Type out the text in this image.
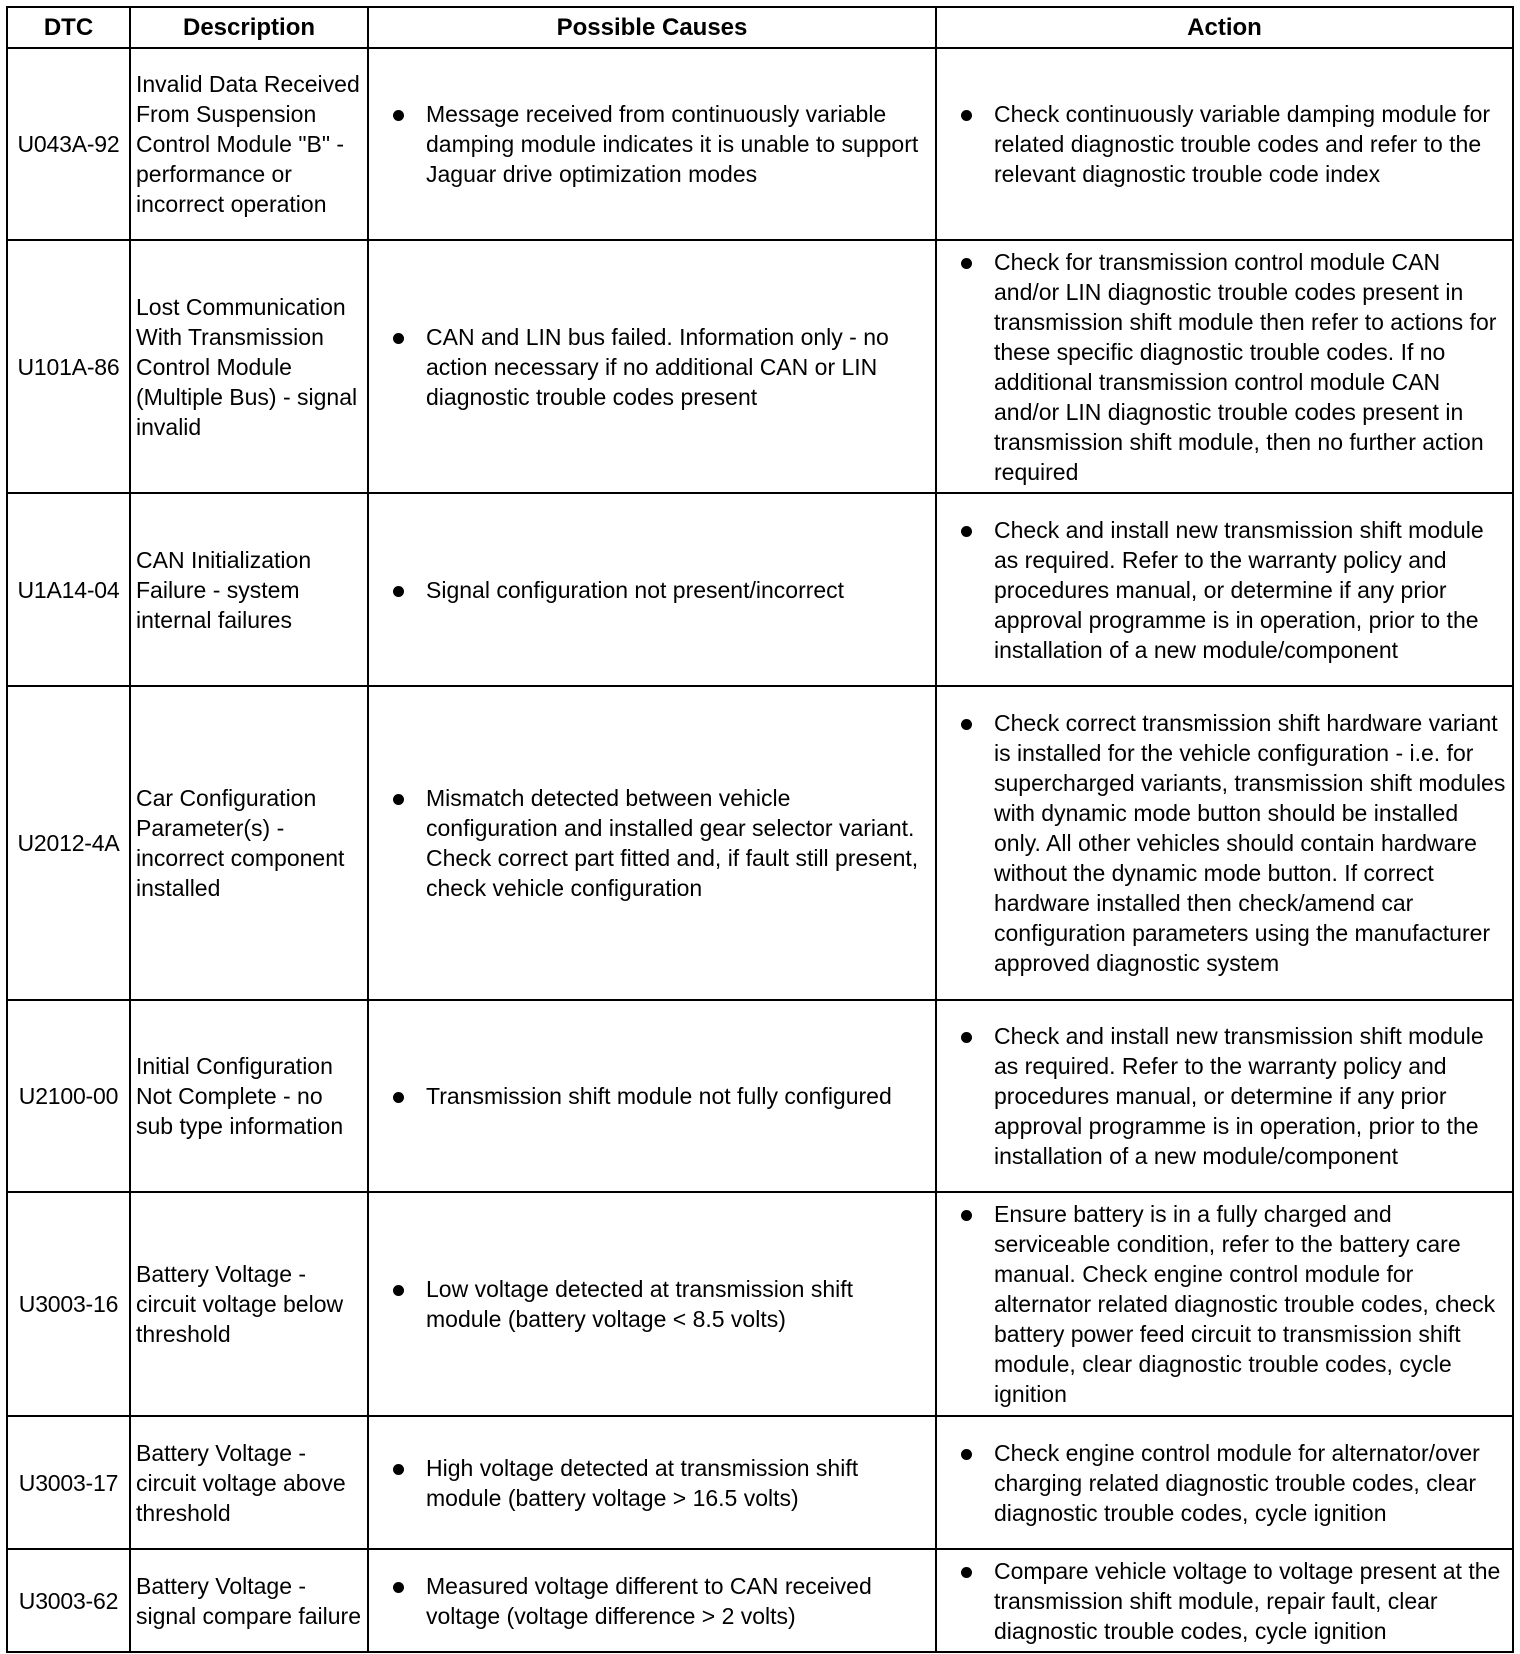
DTC	Description	Possible Causes	Action
U043A-92	Invalid Data Received From Suspension Control Module "B" - performance or incorrect operation	Message received from continuously variable damping module indicates it is unable to support Jaguar drive optimization modes	Check continuously variable damping module for related diagnostic trouble codes and refer to the relevant diagnostic trouble code index

U101A-86	Lost Communication With Transmission Control Module (Multiple Bus) - signal invalid	CAN and LIN bus failed. Information only - no action necessary if no additional CAN or LIN diagnostic trouble codes present	Check for transmission control module CAN and/or LIN diagnostic trouble codes present in transmission shift module then refer to actions for these specific diagnostic trouble codes. If no additional transmission control module CAN and/or LIN diagnostic trouble codes present in transmission shift module, then no further action required

U1A14-04	CAN Initialization Failure - system internal failures	Signal configuration not present/incorrect	Check and install new transmission shift module as required. Refer to the warranty policy and procedures manual, or determine if any prior approval programme is in operation, prior to the installation of a new module/component

U2012-4A	Car Configuration Parameter(s) - incorrect component installed	Mismatch detected between vehicle configuration and installed gear selector variant. Check correct part fitted and, if fault still present, check vehicle configuration	Check correct transmission shift hardware variant is installed for the vehicle configuration - i.e. for supercharged variants, transmission shift modules with dynamic mode button should be installed only. All other vehicles should contain hardware without the dynamic mode button. If correct hardware installed then check/amend car configuration parameters using the manufacturer approved diagnostic system

U2100-00	Initial Configuration Not Complete - no sub type information	Transmission shift module not fully configured	Check and install new transmission shift module as required. Refer to the warranty policy and procedures manual, or determine if any prior approval programme is in operation, prior to the installation of a new module/component

U3003-16	Battery Voltage - circuit voltage below threshold	Low voltage detected at transmission shift module (battery voltage < 8.5 volts)	Ensure battery is in a fully charged and serviceable condition, refer to the battery care manual. Check engine control module for alternator related diagnostic trouble codes, check battery power feed circuit to transmission shift module, clear diagnostic trouble codes, cycle ignition

U3003-17	Battery Voltage - circuit voltage above threshold	High voltage detected at transmission shift module (battery voltage > 16.5 volts)	Check engine control module for alternator/over charging related diagnostic trouble codes, clear diagnostic trouble codes, cycle ignition

U3003-62	Battery Voltage - signal compare failure	Measured voltage different to CAN received voltage (voltage difference > 2 volts)	Compare vehicle voltage to voltage present at the transmission shift module, repair fault, clear diagnostic trouble codes, cycle ignition
